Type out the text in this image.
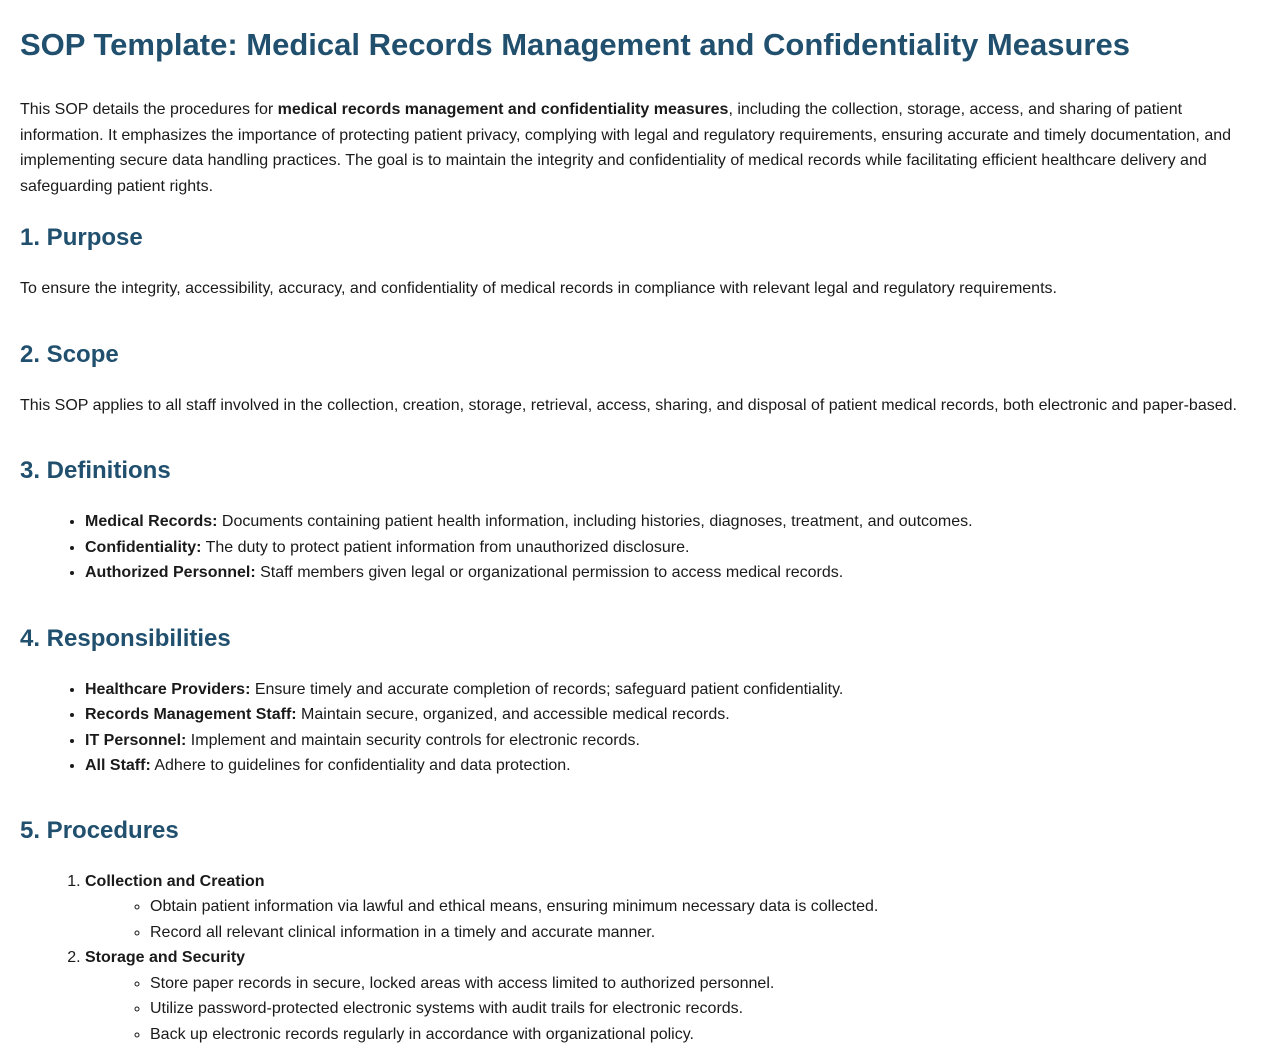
SOP Template: Medical Records Management and Confidentiality Measures

This SOP details the procedures for medical records management and confidentiality measures, including the collection, storage, access, and sharing of patient information. It emphasizes the importance of protecting patient privacy, complying with legal and regulatory requirements, ensuring accurate and timely documentation, and implementing secure data handling practices. The goal is to maintain the integrity and confidentiality of medical records while facilitating efficient healthcare delivery and safeguarding patient rights.

1. Purpose

To ensure the integrity, accessibility, accuracy, and confidentiality of medical records in compliance with relevant legal and regulatory requirements.

2. Scope

This SOP applies to all staff involved in the collection, creation, storage, retrieval, access, sharing, and disposal of patient medical records, both electronic and paper-based.

3. Definitions
• Medical Records: Documents containing patient health information, including histories, diagnoses, treatment, and outcomes.
• Confidentiality: The duty to protect patient information from unauthorized disclosure.
• Authorized Personnel: Staff members given legal or organizational permission to access medical records.
4. Responsibilities
• Healthcare Providers: Ensure timely and accurate completion of records; safeguard patient confidentiality.
• Records Management Staff: Maintain secure, organized, and accessible medical records.
• IT Personnel: Implement and maintain security controls for electronic records.
• All Staff: Adhere to guidelines for confidentiality and data protection.
5. Procedures
1. Collection and Creation
◦ Obtain patient information via lawful and ethical means, ensuring minimum necessary data is collected.
◦ Record all relevant clinical information in a timely and accurate manner.
2. Storage and Security
◦ Store paper records in secure, locked areas with access limited to authorized personnel.
◦ Utilize password-protected electronic systems with audit trails for electronic records.
◦ Back up electronic records regularly in accordance with organizational policy.
